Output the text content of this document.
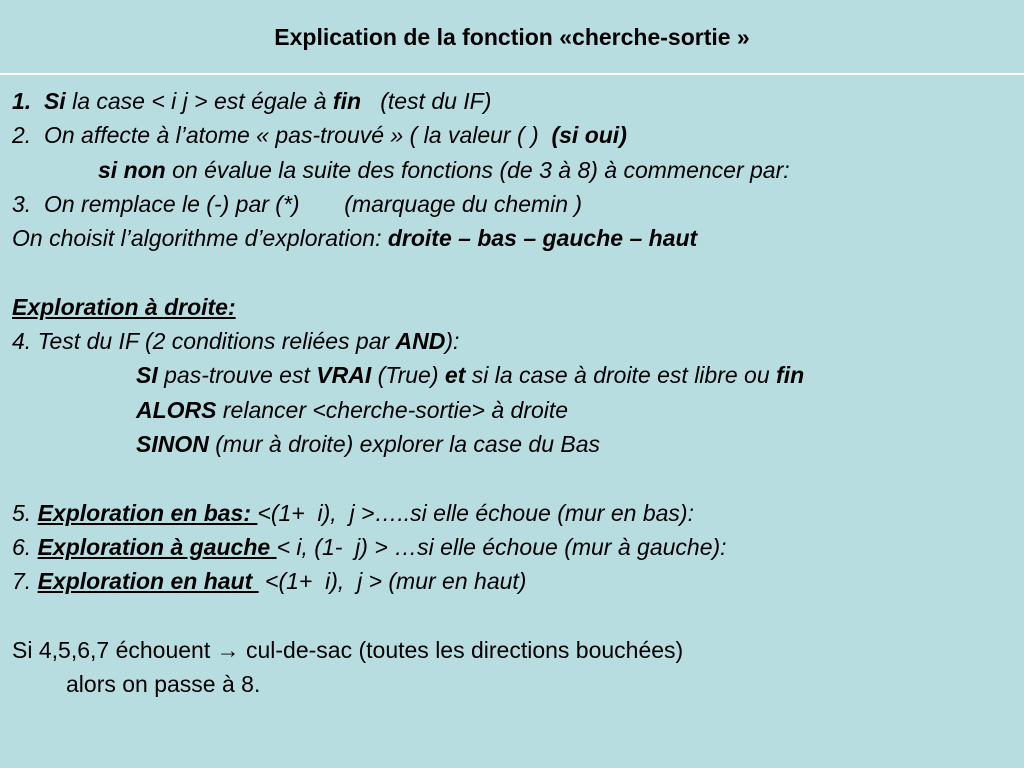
Explication de la fonction «cherche-sortie »
1.  Si la case < i j > est égale à fin   (test du IF)
2.  On affecte à l’atome « pas-trouvé » ( la valeur ( )  (si oui)
si non on évalue la suite des fonctions (de 3 à 8) à commencer par:
3.  On remplace le (-) par (*)       (marquage du chemin )
On choisit l’algorithme d’exploration: droite – bas – gauche – haut
Exploration à droite:
4. Test du IF (2 conditions reliées par AND):
SI pas-trouve est VRAI (True) et si la case à droite est libre ou fin
ALORS relancer <cherche-sortie> à droite
SINON (mur à droite) explorer la case du Bas
5. Exploration en bas: <(1+  i),  j >…..si elle échoue (mur en bas):
6. Exploration à gauche < i, (1-  j) > …si elle échoue (mur à gauche):
7. Exploration en haut  <(1+  i),  j > (mur en haut)
Si 4,5,6,7 échouent → cul-de-sac (toutes les directions bouchées)
alors on passe à 8.
